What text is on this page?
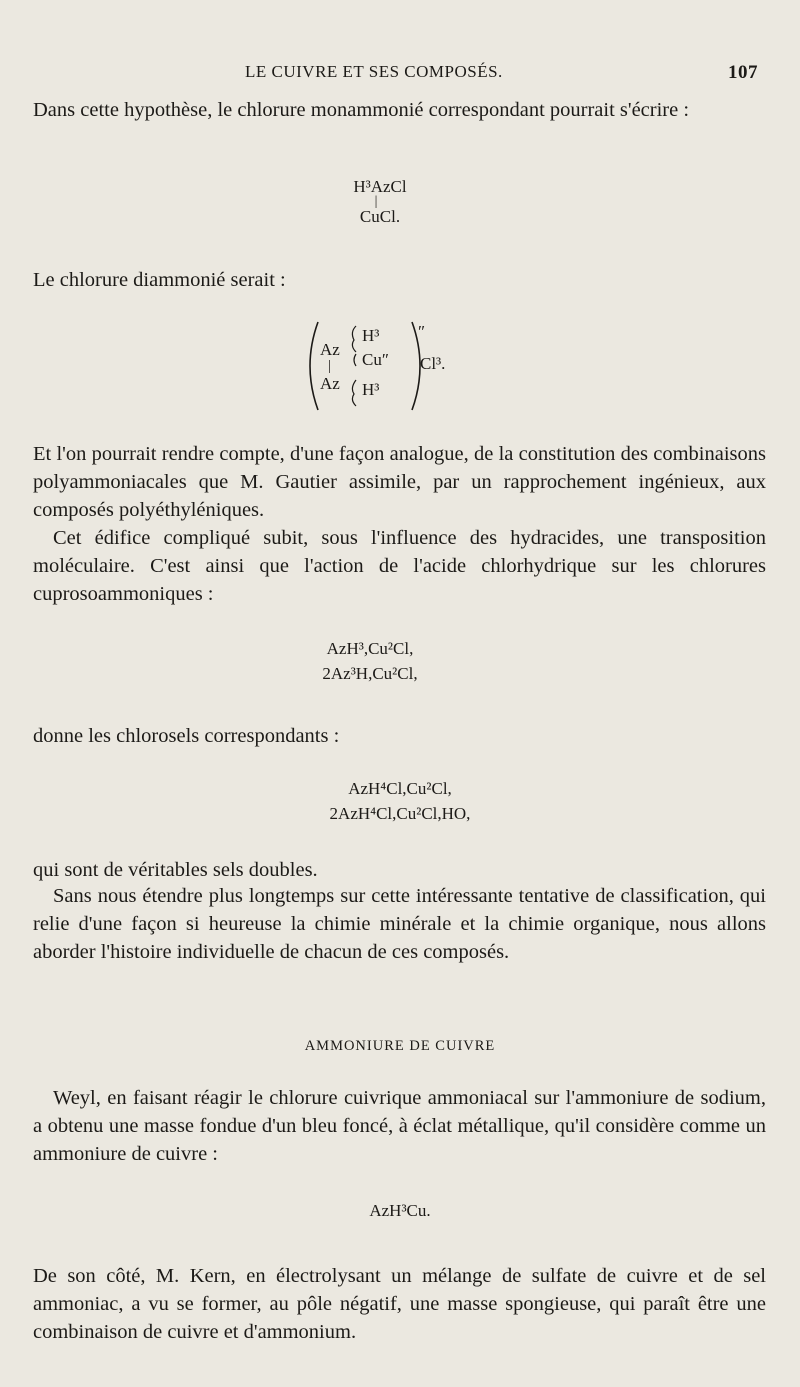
LE CUIVRE ET SES COMPOSÉS.	107

Dans cette hypothèse, le chlorure monammonié correspondant pourrait s'écrire :

H³AzCl
|
CuCl.

Le chlorure diammonié serait :

Az
|
Az
H³
Cu″
H³
″
Cl³.

Et l'on pourrait rendre compte, d'une façon analogue, de la constitution des combinaisons polyammoniacales que M. Gautier assimile, par un rapprochement ingénieux, aux composés polyéthyléniques.

Cet édifice compliqué subit, sous l'influence des hydracides, une transposition moléculaire. C'est ainsi que l'action de l'acide chlorhydrique sur les chlorures cuprosoammoniques :

AzH³,Cu²Cl,
2Az³H,Cu²Cl,

donne les chlorosels correspondants :

AzH⁴Cl,Cu²Cl,
2AzH⁴Cl,Cu²Cl,HO,

qui sont de véritables sels doubles.

Sans nous étendre plus longtemps sur cette intéressante tentative de classification, qui relie d'une façon si heureuse la chimie minérale et la chimie organique, nous allons aborder l'histoire individuelle de chacun de ces composés.

AMMONIURE DE CUIVRE

Weyl, en faisant réagir le chlorure cuivrique ammoniacal sur l'ammoniure de sodium, a obtenu une masse fondue d'un bleu foncé, à éclat métallique, qu'il considère comme un ammoniure de cuivre :

AzH³Cu.

De son côté, M. Kern, en électrolysant un mélange de sulfate de cuivre et de sel ammoniac, a vu se former, au pôle négatif, une masse spongieuse, qui paraît être une combinaison de cuivre et d'ammonium.
